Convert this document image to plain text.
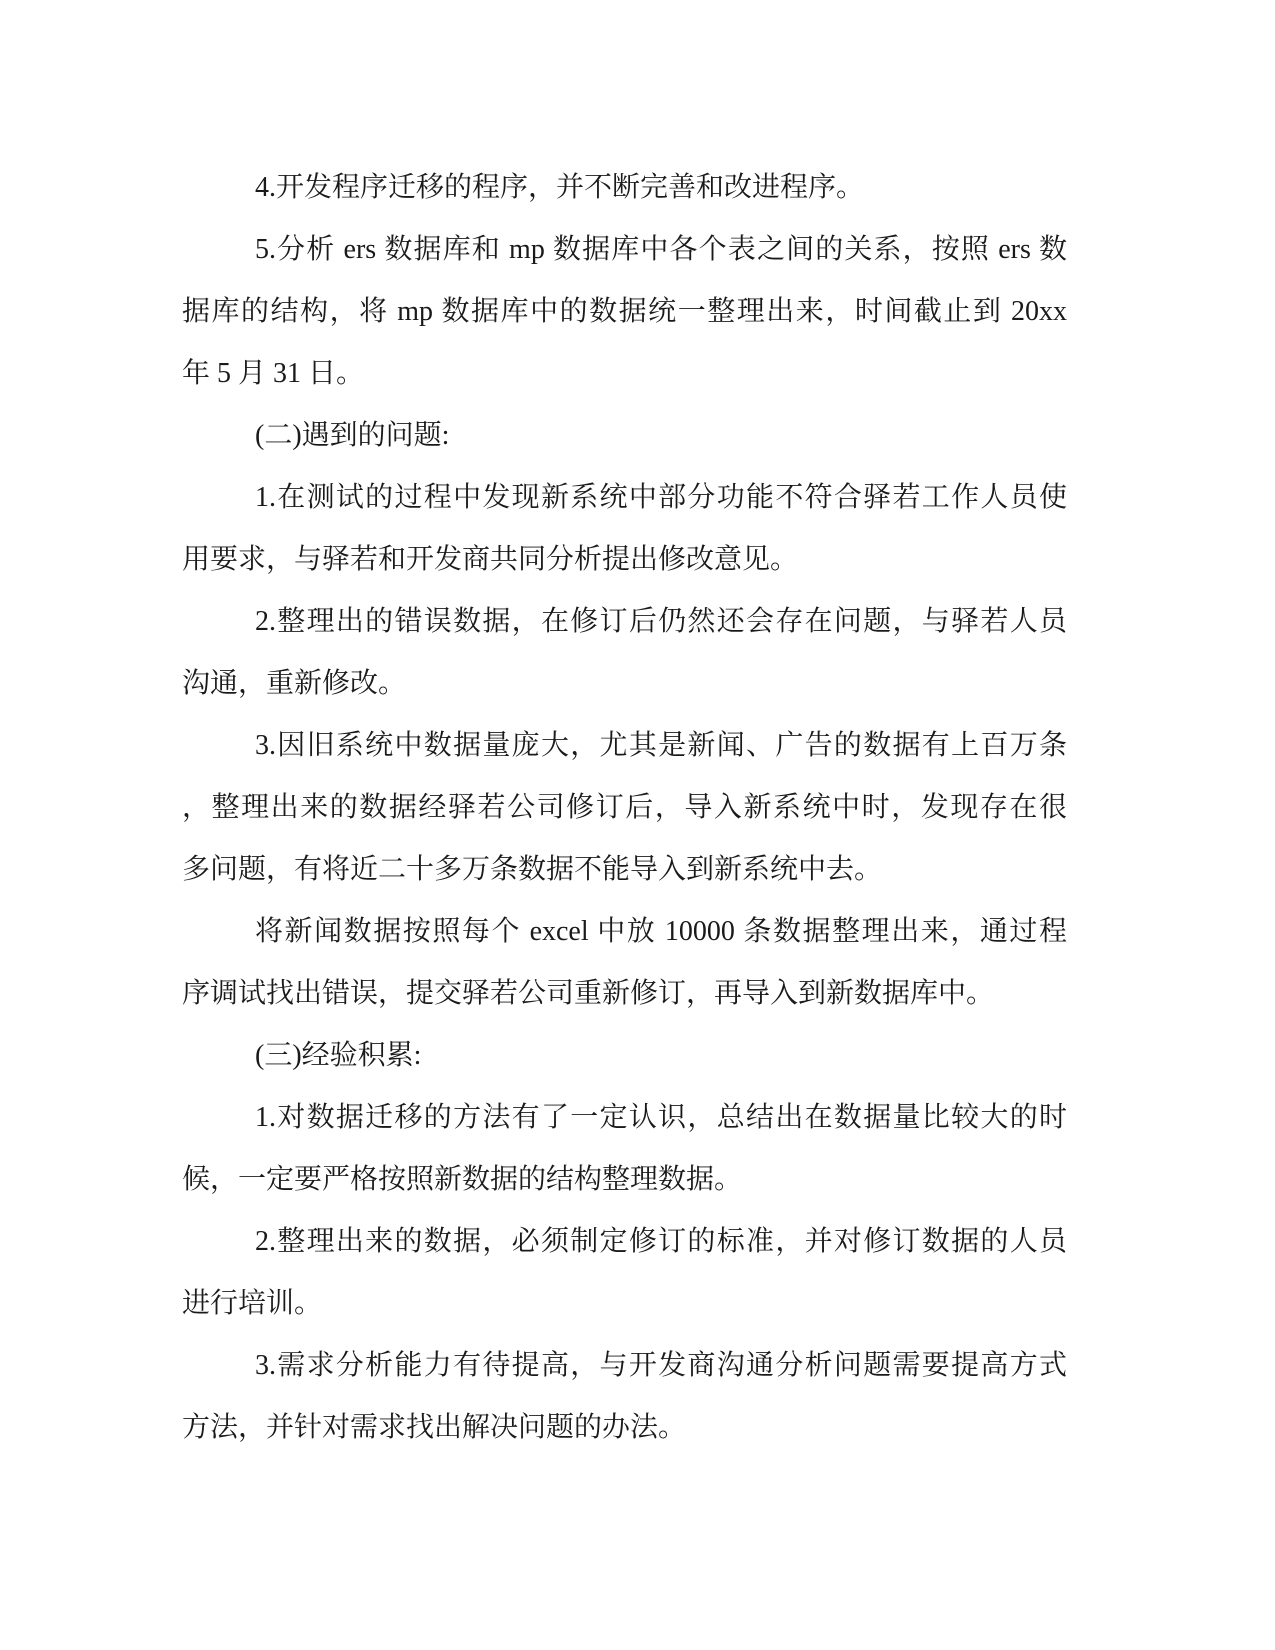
4.开发程序迁移的程序，并不断完善和改进程序。
5.分析 ers 数据库和 mp 数据库中各个表之间的关系，按照 ers 数
据库的结构，将 mp 数据库中的数据统一整理出来，时间截止到 20xx
年 5 月 31 日。
(二)遇到的问题:
1.在测试的过程中发现新系统中部分功能不符合驿若工作人员使
用要求，与驿若和开发商共同分析提出修改意见。
2.整理出的错误数据，在修订后仍然还会存在问题，与驿若人员
沟通，重新修改。
3.因旧系统中数据量庞大，尤其是新闻、广告的数据有上百万条
，整理出来的数据经驿若公司修订后，导入新系统中时，发现存在很
多问题，有将近二十多万条数据不能导入到新系统中去。
将新闻数据按照每个 excel 中放 10000 条数据整理出来，通过程
序调试找出错误，提交驿若公司重新修订，再导入到新数据库中。
(三)经验积累:
1.对数据迁移的方法有了一定认识，总结出在数据量比较大的时
候，一定要严格按照新数据的结构整理数据。
2.整理出来的数据，必须制定修订的标准，并对修订数据的人员
进行培训。
3.需求分析能力有待提高，与开发商沟通分析问题需要提高方式
方法，并针对需求找出解决问题的办法。
